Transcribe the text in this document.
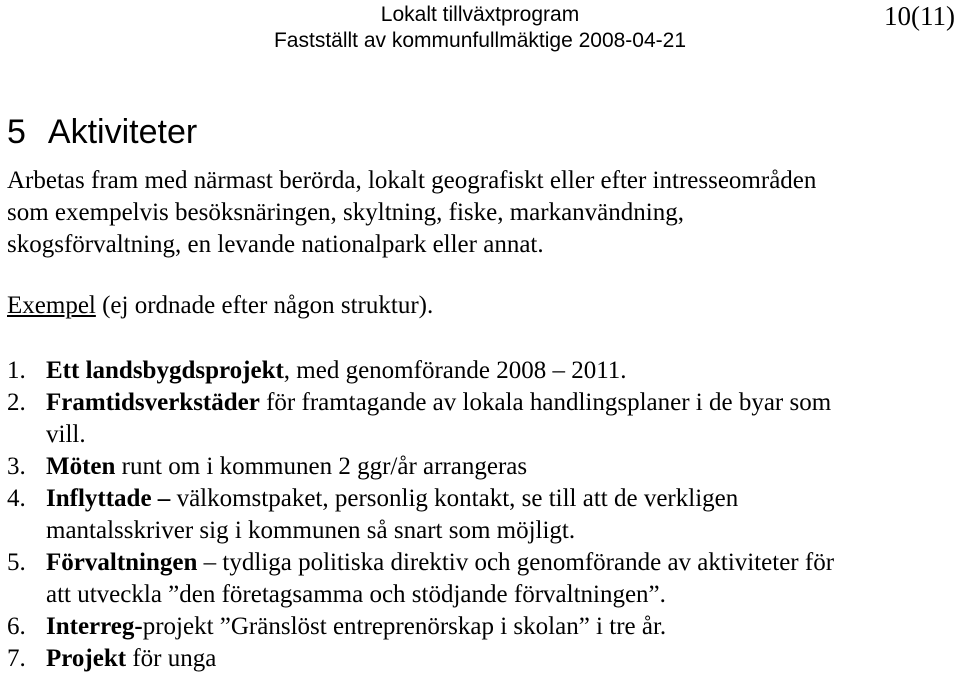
Lokalt tillväxtprogram
Fastställt av kommunfullmäktige 2008-04-21
10(11)
5 Aktiviteter
Arbetas fram med närmast berörda, lokalt geografiskt eller efter intresseområden
som exempelvis besöksnäringen, skyltning, fiske, markanvändning,
skogsförvaltning, en levande nationalpark eller annat.
Exempel (ej ordnade efter någon struktur).
1. Ett landsbygdsprojekt, med genomförande 2008 – 2011.
2. Framtidsverkstäder för framtagande av lokala handlingsplaner i de byar som
vill.
3. Möten runt om i kommunen 2 ggr/år arrangeras
4. Inflyttade – välkomstpaket, personlig kontakt, se till att de verkligen
mantalsskriver sig i kommunen så snart som möjligt.
5. Förvaltningen – tydliga politiska direktiv och genomförande av aktiviteter för
att utveckla ”den företagsamma och stödjande förvaltningen”.
6. Interreg-projekt ”Gränslöst entreprenörskap i skolan” i tre år.
7. Projekt för unga
